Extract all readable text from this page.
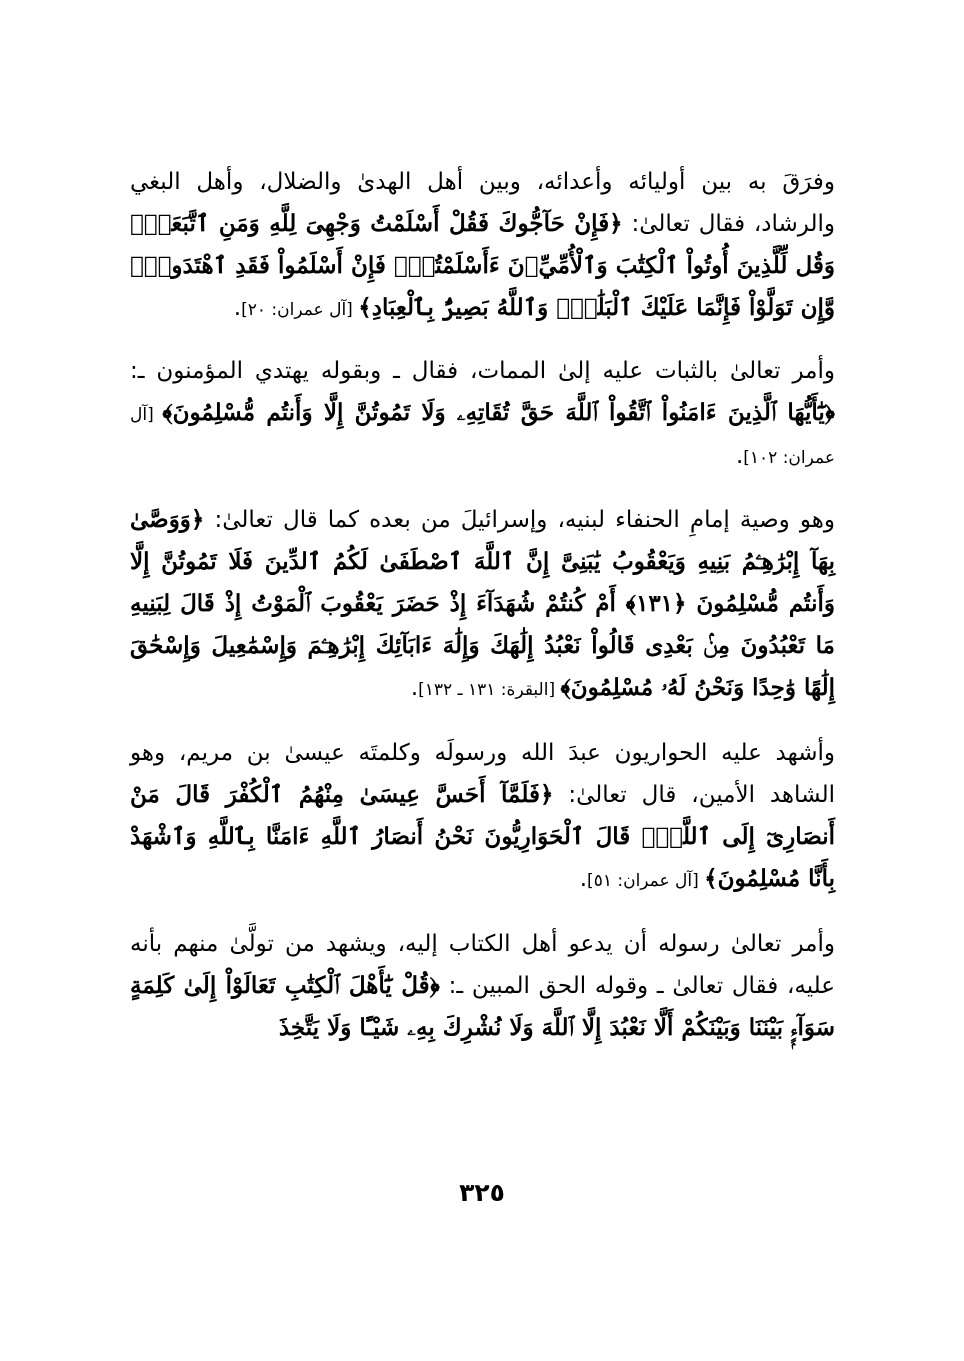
وفرَقَ به بين أوليائه وأعدائه، وبين أهل الهدىٰ والضلال، وأهل البغي والرشاد، فقال تعالىٰ: ﴿فَإِنْ حَآجُّوكَ فَقُلْ أَسْلَمْتُ وَجْهِىَ لِلَّهِ وَمَنِ ٱتَّبَعَنِۗ وَقُل لِّلَّذِينَ أُوتُواْ ٱلْكِتَٰبَ وَٱلْأُمِّيِّۦنَ ءَأَسْلَمْتُمْۚ فَإِنْ أَسْلَمُواْ فَقَدِ ٱهْتَدَواْۖ وَّإِن تَوَلَّوْاْ فَإِنَّمَا عَلَيْكَ ٱلْبَلَٰغُۗ وَٱللَّهُ بَصِيرٌۢ بِٱلْعِبَادِ﴾ [آل عمران: ٢٠].

وأمر تعالىٰ بالثبات عليه إلىٰ الممات، فقال ـ وبقوله يهتدي المؤمنون ـ: ﴿يَٰٓأَيُّهَا ٱلَّذِينَ ءَامَنُواْ ٱتَّقُواْ ٱللَّهَ حَقَّ تُقَاتِهِۦ وَلَا تَمُوتُنَّ إِلَّا وَأَنتُم مُّسْلِمُونَ﴾ [آل عمران: ١٠٢].

وهو وصية إمامِ الحنفاء لبنيه، وإسرائيلَ من بعده كما قال تعالىٰ: ﴿وَوَصَّىٰ بِهَآ إِبْرَٰهِـۧمُ بَنِيهِ وَيَعْقُوبُ يَٰبَنِىَّ إِنَّ ٱللَّهَ ٱصْطَفَىٰ لَكُمُ ٱلدِّينَ فَلَا تَمُوتُنَّ إِلَّا وَأَنتُم مُّسْلِمُونَ ﴿١٣١﴾ أَمْ كُنتُمْ شُهَدَآءَ إِذْ حَضَرَ يَعْقُوبَ ٱلْمَوْتُ إِذْ قَالَ لِبَنِيهِ مَا تَعْبُدُونَ مِنۢ بَعْدِى قَالُواْ نَعْبُدُ إِلَٰهَكَ وَإِلَٰهَ ءَابَآئِكَ إِبْرَٰهِـۧمَ وَإِسْمَٰعِيلَ وَإِسْحَٰقَ إِلَٰهًا وَٰحِدًا وَنَحْنُ لَهُۥ مُسْلِمُونَ﴾ [البقرة: ١٣١ ـ ١٣٢].

وأشهد عليه الحواريون عبدَ الله ورسولَه وكلمتَه عيسىٰ بن مريم، وهو الشاهد الأمين، قال تعالىٰ: ﴿فَلَمَّآ أَحَسَّ عِيسَىٰ مِنْهُمُ ٱلْكُفْرَ قَالَ مَنْ أَنصَارِىٓ إِلَى ٱللَّهِۖ قَالَ ٱلْحَوَارِيُّونَ نَحْنُ أَنصَارُ ٱللَّهِ ءَامَنَّا بِٱللَّهِ وَٱشْهَدْ بِأَنَّا مُسْلِمُونَ﴾ [آل عمران: ٥١].

وأمر تعالىٰ رسوله أن يدعو أهل الكتاب إليه، ويشهد من تولَّىٰ منهم بأنه عليه، فقال تعالىٰ ـ وقوله الحق المبين ـ: ﴿قُلْ يَٰٓأَهْلَ ٱلْكِتَٰبِ تَعَالَوْاْ إِلَىٰ كَلِمَةٍ سَوَآءٍۭ بَيْنَنَا وَبَيْنَكُمْ أَلَّا نَعْبُدَ إِلَّا ٱللَّهَ وَلَا نُشْرِكَ بِهِۦ شَيْـًٔا وَلَا يَتَّخِذَ

٣٢٥
